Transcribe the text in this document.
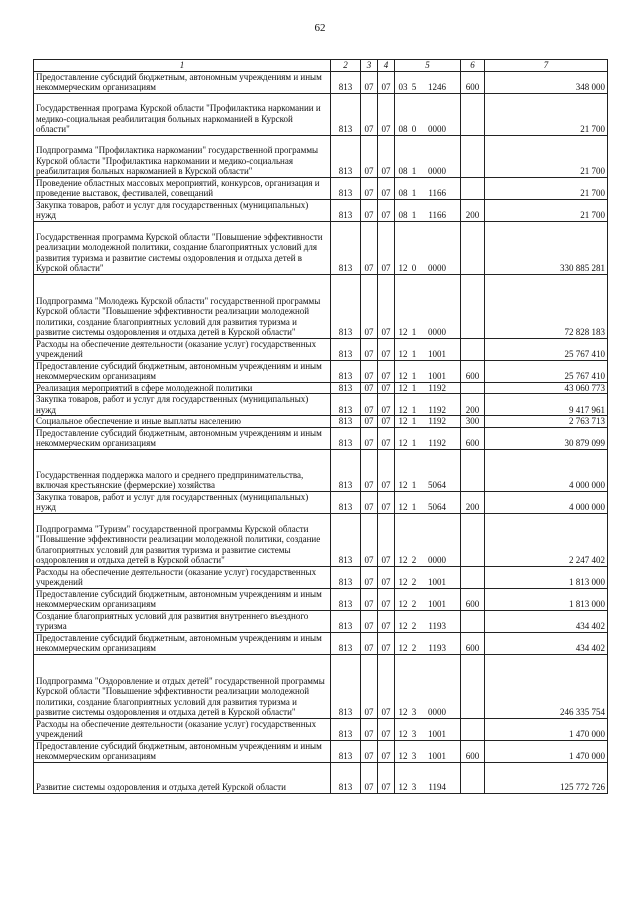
62
1	2	3	4	5	6	7
Предоставление субсидий бюджетным, автономным учреждениям и иным некоммерческим организациям	813	07	07	03 5 1246	600	348 000
Государственная програма Курской области "Профилактика наркомании и медико-социальная реабилитация больных наркоманией в Курской области"	813	07	07	08 0 0000		21 700
Подпрограмма "Профилактика наркомании" государственной программы Курской области "Профилактика наркомании и медико-социальная реабилитация больных наркоманией в Курской области"	813	07	07	08 1 0000		21 700
Проведение областных массовых мероприятий, конкурсов, организация и проведение выставок, фестивалей, совещаний	813	07	07	08 1 1166		21 700
Закупка товаров, работ и услуг для государственных (муниципальных) нужд	813	07	07	08 1 1166	200	21 700
Государственная программа Курской области "Повышение эффективности реализации молодежной политики, создание благоприятных условий для развития туризма и развитие системы оздоровления и отдыха детей в Курской области"	813	07	07	12 0 0000		330 885 281
Подпрограмма "Молодежь Курской области" государственной программы Курской области "Повышение эффективности реализации молодежной политики, создание благоприятных условий для развития туризма и развитие системы оздоровления и отдыха детей в Курской области"	813	07	07	12 1 0000		72 828 183
Расходы на обеспечение деятельности (оказание услуг) государственных учреждений	813	07	07	12 1 1001		25 767 410
Предоставление субсидий бюджетным, автономным учреждениям и иным некоммерческим организациям	813	07	07	12 1 1001	600	25 767 410
Реализация мероприятий в сфере молодежной политики	813	07	07	12 1 1192		43 060 773
Закупка товаров, работ и услуг для государственных (муниципальных) нужд	813	07	07	12 1 1192	200	9 417 961
Социальное обеспечение и иные выплаты населению	813	07	07	12 1 1192	300	2 763 713
Предоставление субсидий бюджетным, автономным учреждениям и иным некоммерческим организациям	813	07	07	12 1 1192	600	30 879 099
Государственная поддержка малого и среднего предпринимательства, включая крестьянские (фермерские) хозяйства	813	07	07	12 1 5064		4 000 000
Закупка товаров, работ и услуг для государственных (муниципальных) нужд	813	07	07	12 1 5064	200	4 000 000
Подпрограмма "Туризм" государственной программы Курской области "Повышение эффективности реализации молодежной политики, создание благоприятных условий для развития туризма и развитие системы оздоровления и отдыха детей в Курской области"	813	07	07	12 2 0000		2 247 402
Расходы на обеспечение деятельности (оказание услуг) государственных учреждений	813	07	07	12 2 1001		1 813 000
Предоставление субсидий бюджетным, автономным учреждениям и иным некоммерческим организациям	813	07	07	12 2 1001	600	1 813 000
Создание благоприятных условий для развития внутреннего въездного туризма	813	07	07	12 2 1193		434 402
Предоставление субсидий бюджетным, автономным учреждениям и иным некоммерческим организациям	813	07	07	12 2 1193	600	434 402
Подпрограмма "Оздоровление и отдых детей" государственной программы Курской области "Повышение эффективности реализации молодежной политики, создание благоприятных условий для развития туризма и развитие системы оздоровления и отдыха детей в Курской области"	813	07	07	12 3 0000		246 335 754
Расходы на обеспечение деятельности (оказание услуг) государственных учреждений	813	07	07	12 3 1001		1 470 000
Предоставление субсидий бюджетным, автономным учреждениям и иным некоммерческим организациям	813	07	07	12 3 1001	600	1 470 000
Развитие системы оздоровления и отдыха детей Курской области	813	07	07	12 3 1194		125 772 726
